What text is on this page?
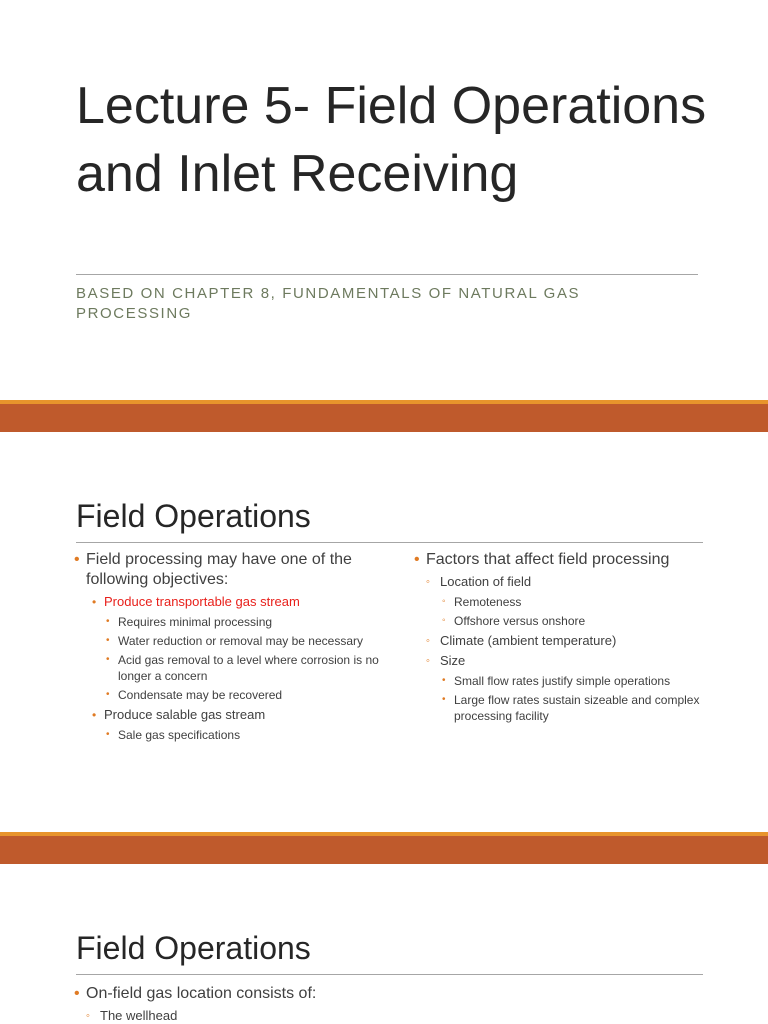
Lecture 5- Field Operations and Inlet Receiving
BASED ON CHAPTER 8, FUNDAMENTALS OF NATURAL GAS PROCESSING
Field Operations
• Field processing may have one of the following objectives:
• Produce transportable gas stream
• Requires minimal processing
• Water reduction or removal may be necessary
• Acid gas removal to a level where corrosion is no longer a concern
• Condensate may be recovered
• Produce salable gas stream
• Sale gas specifications
• Factors that affect field processing
◦ Location of field
◦ Remoteness
◦ Offshore versus onshore
◦ Climate (ambient temperature)
◦ Size
• Small flow rates justify simple operations
• Large flow rates sustain sizeable and complex processing facility
Field Operations
• On-field gas location consists of:
◦ The wellhead
